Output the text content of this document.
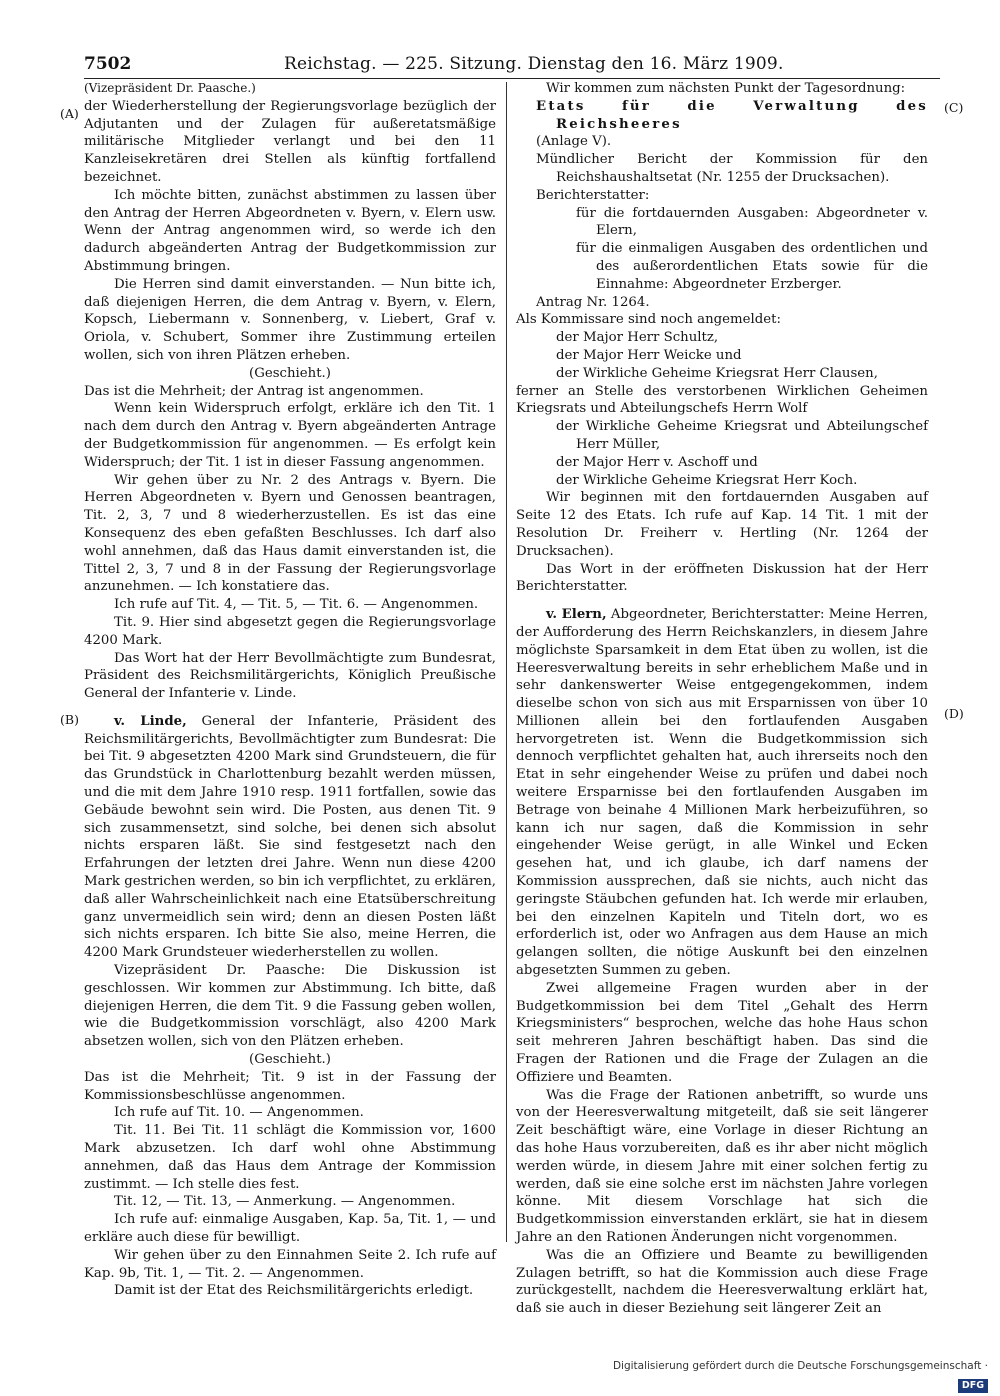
7502	Reichstag. — 225. Sitzung. Dienstag den 16. März 1909.
(A)
(B)
(C)
(D)

(Vizepräsident Dr. Paasche.)

der Wiederherstellung der Regierungsvorlage bezüglich der Adjutanten und der Zulagen für außeretatsmäßige militärische Mitglieder verlangt und bei den 11 Kanzleisekretären drei Stellen als künftig fortfallend bezeichnet.

Ich möchte bitten, zunächst abstimmen zu lassen über den Antrag der Herren Abgeordneten v. Byern, v. Elern usw. Wenn der Antrag angenommen wird, so werde ich den dadurch abgeänderten Antrag der Budgetkommission zur Abstimmung bringen.

Die Herren sind damit einverstanden. — Nun bitte ich, daß diejenigen Herren, die dem Antrag v. Byern, v. Elern, Kopsch, Liebermann v. Sonnenberg, v. Liebert, Graf v. Oriola, v. Schubert, Sommer ihre Zustimmung erteilen wollen, sich von ihren Plätzen erheben.

(Geschieht.)

Das ist die Mehrheit; der Antrag ist angenommen.

Wenn kein Widerspruch erfolgt, erkläre ich den Tit. 1 nach dem durch den Antrag v. Byern abgeänderten Antrage der Budgetkommission für angenommen. — Es erfolgt kein Widerspruch; der Tit. 1 ist in dieser Fassung angenommen.

Wir gehen über zu Nr. 2 des Antrags v. Byern. Die Herren Abgeordneten v. Byern und Genossen beantragen, Tit. 2, 3, 7 und 8 wiederherzustellen. Es ist das eine Konsequenz des eben gefaßten Beschlusses. Ich darf also wohl annehmen, daß das Haus damit einverstanden ist, die Tittel 2, 3, 7 und 8 in der Fassung der Regierungsvorlage anzunehmen. — Ich konstatiere das.

Ich rufe auf Tit. 4, — Tit. 5, — Tit. 6. — Angenommen.

Tit. 9. Hier sind abgesetzt gegen die Regierungsvorlage 4200 Mark.

Das Wort hat der Herr Bevollmächtigte zum Bundesrat, Präsident des Reichsmilitärgerichts, Königlich Preußische General der Infanterie v. Linde.

v. Linde, General der Infanterie, Präsident des Reichsmilitärgerichts, Bevollmächtigter zum Bundesrat: Die bei Tit. 9 abgesetzten 4200 Mark sind Grundsteuern, die für das Grundstück in Charlottenburg bezahlt werden müssen, und die mit dem Jahre 1910 resp. 1911 fortfallen, sowie das Gebäude bewohnt sein wird. Die Posten, aus denen Tit. 9 sich zusammensetzt, sind solche, bei denen sich absolut nichts ersparen läßt. Sie sind festgesetzt nach den Erfahrungen der letzten drei Jahre. Wenn nun diese 4200 Mark gestrichen werden, so bin ich verpflichtet, zu erklären, daß aller Wahrscheinlichkeit nach eine Etatsüberschreitung ganz unvermeidlich sein wird; denn an diesen Posten läßt sich nichts ersparen. Ich bitte Sie also, meine Herren, die 4200 Mark Grundsteuer wiederherstellen zu wollen.

Vizepräsident Dr. Paasche: Die Diskussion ist geschlossen. Wir kommen zur Abstimmung. Ich bitte, daß diejenigen Herren, die dem Tit. 9 die Fassung geben wollen, wie die Budgetkommission vorschlägt, also 4200 Mark absetzen wollen, sich von den Plätzen erheben.

(Geschieht.)

Das ist die Mehrheit; Tit. 9 ist in der Fassung der Kommissionsbeschlüsse angenommen.

Ich rufe auf Tit. 10. — Angenommen.

Tit. 11. Bei Tit. 11 schlägt die Kommission vor, 1600 Mark abzusetzen. Ich darf wohl ohne Abstimmung annehmen, daß das Haus dem Antrage der Kommission zustimmt. — Ich stelle dies fest.

Tit. 12, — Tit. 13, — Anmerkung. — Angenommen.

Ich rufe auf: einmalige Ausgaben, Kap. 5a, Tit. 1, — und erkläre auch diese für bewilligt.

Wir gehen über zu den Einnahmen Seite 2. Ich rufe auf Kap. 9b, Tit. 1, — Tit. 2. — Angenommen.

Damit ist der Etat des Reichsmilitärgerichts erledigt.

Wir kommen zum nächsten Punkt der Tagesordnung:

Etats für die Verwaltung des Reichsheeres

(Anlage V).

Mündlicher Bericht der Kommission für den Reichshaushaltsetat (Nr. 1255 der Drucksachen).

Berichterstatter:

für die fortdauernden Ausgaben: Abgeordneter v. Elern,

für die einmaligen Ausgaben des ordentlichen und des außerordentlichen Etats sowie für die Einnahme: Abgeordneter Erzberger.

Antrag Nr. 1264.

Als Kommissare sind noch angemeldet:

der Major Herr Schultz,

der Major Herr Weicke und

der Wirkliche Geheime Kriegsrat Herr Clausen,

ferner an Stelle des verstorbenen Wirklichen Geheimen Kriegsrats und Abteilungschefs Herrn Wolf

der Wirkliche Geheime Kriegsrat und Abteilungschef Herr Müller,

der Major Herr v. Aschoff und

der Wirkliche Geheime Kriegsrat Herr Koch.

Wir beginnen mit den fortdauernden Ausgaben auf Seite 12 des Etats. Ich rufe auf Kap. 14 Tit. 1 mit der Resolution Dr. Freiherr v. Hertling (Nr. 1264 der Drucksachen).

Das Wort in der eröffneten Diskussion hat der Herr Berichterstatter.

v. Elern, Abgeordneter, Berichterstatter: Meine Herren, der Aufforderung des Herrn Reichskanzlers, in diesem Jahre möglichste Sparsamkeit in dem Etat üben zu wollen, ist die Heeresverwaltung bereits in sehr erheblichem Maße und in sehr dankenswerter Weise entgegengekommen, indem dieselbe schon von sich aus mit Ersparnissen von über 10 Millionen allein bei den fortlaufenden Ausgaben hervorgetreten ist. Wenn die Budgetkommission sich dennoch verpflichtet gehalten hat, auch ihrerseits noch den Etat in sehr eingehender Weise zu prüfen und dabei noch weitere Ersparnisse bei den fortlaufenden Ausgaben im Betrage von beinahe 4 Millionen Mark herbeizuführen, so kann ich nur sagen, daß die Kommission in sehr eingehender Weise gerügt, in alle Winkel und Ecken gesehen hat, und ich glaube, ich darf namens der Kommission aussprechen, daß sie nichts, auch nicht das geringste Stäubchen gefunden hat. Ich werde mir erlauben, bei den einzelnen Kapiteln und Titeln dort, wo es erforderlich ist, oder wo Anfragen aus dem Hause an mich gelangen sollten, die nötige Auskunft bei den einzelnen abgesetzten Summen zu geben.

Zwei allgemeine Fragen wurden aber in der Budgetkommission bei dem Titel „Gehalt des Herrn Kriegsministers“ besprochen, welche das hohe Haus schon seit mehreren Jahren beschäftigt haben. Das sind die Fragen der Rationen und die Frage der Zulagen an die Offiziere und Beamten.

Was die Frage der Rationen anbetrifft, so wurde uns von der Heeresverwaltung mitgeteilt, daß sie seit längerer Zeit beschäftigt wäre, eine Vorlage in dieser Richtung an das hohe Haus vorzubereiten, daß es ihr aber nicht möglich werden würde, in diesem Jahre mit einer solchen fertig zu werden, daß sie eine solche erst im nächsten Jahre vorlegen könne. Mit diesem Vorschlage hat sich die Budgetkommission einverstanden erklärt, sie hat in diesem Jahre an den Rationen Änderungen nicht vorgenommen.

Was die an Offiziere und Beamte zu bewilligenden Zulagen betrifft, so hat die Kommission auch diese Frage zurückgestellt, nachdem die Heeresverwaltung erklärt hat, daß sie auch in dieser Beziehung seit längerer Zeit an

Digitalisierung gefördert durch die Deutsche Forschungsgemeinschaft ·DFG
